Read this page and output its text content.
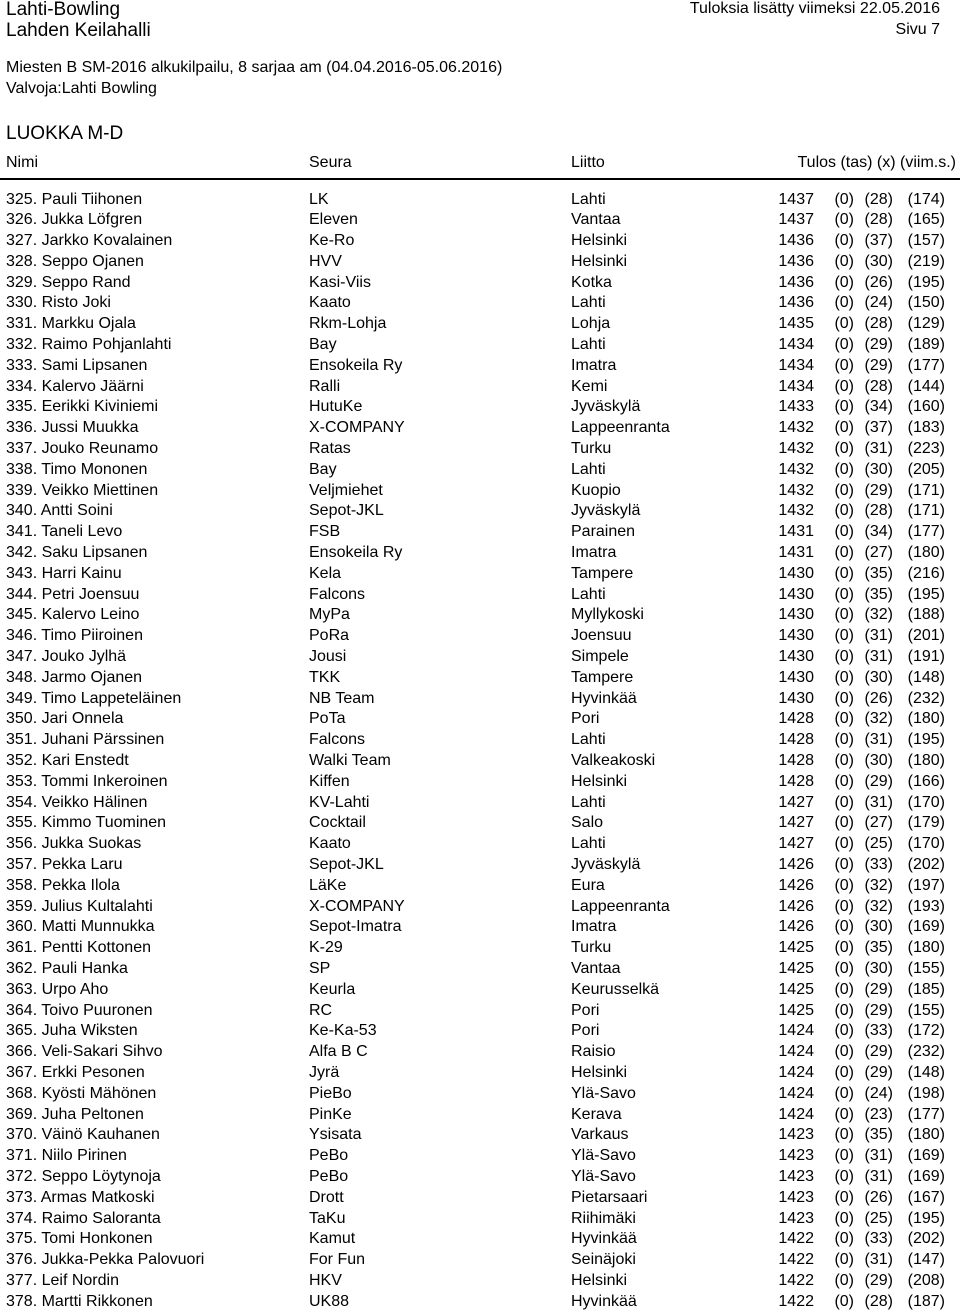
Lahti-Bowling
Lahden Keilahalli
Tuloksia lisätty viimeksi 22.05.2016
Sivu 7
Miesten B SM-2016 alkukilpailu, 8 sarjaa am (04.04.2016-05.06.2016)
Valvoja:Lahti Bowling
LUOKKA M-D
Nimi	Seura	Liitto	Tulos (tas) (x) (viim.s.)
325. Pauli Tiihonen	LK	Lahti	1437 (0) (28) (174)
326. Jukka Löfgren	Eleven	Vantaa	1437 (0) (28) (165)
327. Jarkko Kovalainen	Ke-Ro	Helsinki	1436 (0) (37) (157)
328. Seppo Ojanen	HVV	Helsinki	1436 (0) (30) (219)
329. Seppo Rand	Kasi-Viis	Kotka	1436 (0) (26) (195)
330. Risto Joki	Kaato	Lahti	1436 (0) (24) (150)
331. Markku Ojala	Rkm-Lohja	Lohja	1435 (0) (28) (129)
332. Raimo Pohjanlahti	Bay	Lahti	1434 (0) (29) (189)
333. Sami Lipsanen	Ensokeila Ry	Imatra	1434 (0) (29) (177)
334. Kalervo Jäärni	Ralli	Kemi	1434 (0) (28) (144)
335. Eerikki Kiviniemi	HutuKe	Jyväskylä	1433 (0) (34) (160)
336. Jussi Muukka	X-COMPANY	Lappeenranta	1432 (0) (37) (183)
337. Jouko Reunamo	Ratas	Turku	1432 (0) (31) (223)
338. Timo Mononen	Bay	Lahti	1432 (0) (30) (205)
339. Veikko Miettinen	Veljmiehet	Kuopio	1432 (0) (29) (171)
340. Antti Soini	Sepot-JKL	Jyväskylä	1432 (0) (28) (171)
341. Taneli Levo	FSB	Parainen	1431 (0) (34) (177)
342. Saku Lipsanen	Ensokeila Ry	Imatra	1431 (0) (27) (180)
343. Harri Kainu	Kela	Tampere	1430 (0) (35) (216)
344. Petri Joensuu	Falcons	Lahti	1430 (0) (35) (195)
345. Kalervo Leino	MyPa	Myllykoski	1430 (0) (32) (188)
346. Timo Piiroinen	PoRa	Joensuu	1430 (0) (31) (201)
347. Jouko Jylhä	Jousi	Simpele	1430 (0) (31) (191)
348. Jarmo Ojanen	TKK	Tampere	1430 (0) (30) (148)
349. Timo Lappeteläinen	NB Team	Hyvinkää	1430 (0) (26) (232)
350. Jari Onnela	PoTa	Pori	1428 (0) (32) (180)
351. Juhani Pärssinen	Falcons	Lahti	1428 (0) (31) (195)
352. Kari Enstedt	Walki Team	Valkeakoski	1428 (0) (30) (180)
353. Tommi Inkeroinen	Kiffen	Helsinki	1428 (0) (29) (166)
354. Veikko Hälinen	KV-Lahti	Lahti	1427 (0) (31) (170)
355. Kimmo Tuominen	Cocktail	Salo	1427 (0) (27) (179)
356. Jukka Suokas	Kaato	Lahti	1427 (0) (25) (170)
357. Pekka Laru	Sepot-JKL	Jyväskylä	1426 (0) (33) (202)
358. Pekka Ilola	LäKe	Eura	1426 (0) (32) (197)
359. Julius Kultalahti	X-COMPANY	Lappeenranta	1426 (0) (32) (193)
360. Matti Munnukka	Sepot-Imatra	Imatra	1426 (0) (30) (169)
361. Pentti Kottonen	K-29	Turku	1425 (0) (35) (180)
362. Pauli Hanka	SP	Vantaa	1425 (0) (30) (155)
363. Urpo Aho	Keurla	Keurusselkä	1425 (0) (29) (185)
364. Toivo Puuronen	RC	Pori	1425 (0) (29) (155)
365. Juha Wiksten	Ke-Ka-53	Pori	1424 (0) (33) (172)
366. Veli-Sakari Sihvo	Alfa B C	Raisio	1424 (0) (29) (232)
367. Erkki Pesonen	Jyrä	Helsinki	1424 (0) (29) (148)
368. Kyösti Mähönen	PieBo	Ylä-Savo	1424 (0) (24) (198)
369. Juha Peltonen	PinKe	Kerava	1424 (0) (23) (177)
370. Väinö Kauhanen	Ysisata	Varkaus	1423 (0) (35) (180)
371. Niilo Pirinen	PeBo	Ylä-Savo	1423 (0) (31) (169)
372. Seppo Löytynoja	PeBo	Ylä-Savo	1423 (0) (31) (169)
373. Armas Matkoski	Drott	Pietarsaari	1423 (0) (26) (167)
374. Raimo Saloranta	TaKu	Riihimäki	1423 (0) (25) (195)
375. Tomi Honkonen	Kamut	Hyvinkää	1422 (0) (33) (202)
376. Jukka-Pekka Palovuori	For Fun	Seinäjoki	1422 (0) (31) (147)
377. Leif Nordin	HKV	Helsinki	1422 (0) (29) (208)
378. Martti Rikkonen	UK88	Hyvinkää	1422 (0) (28) (187)
